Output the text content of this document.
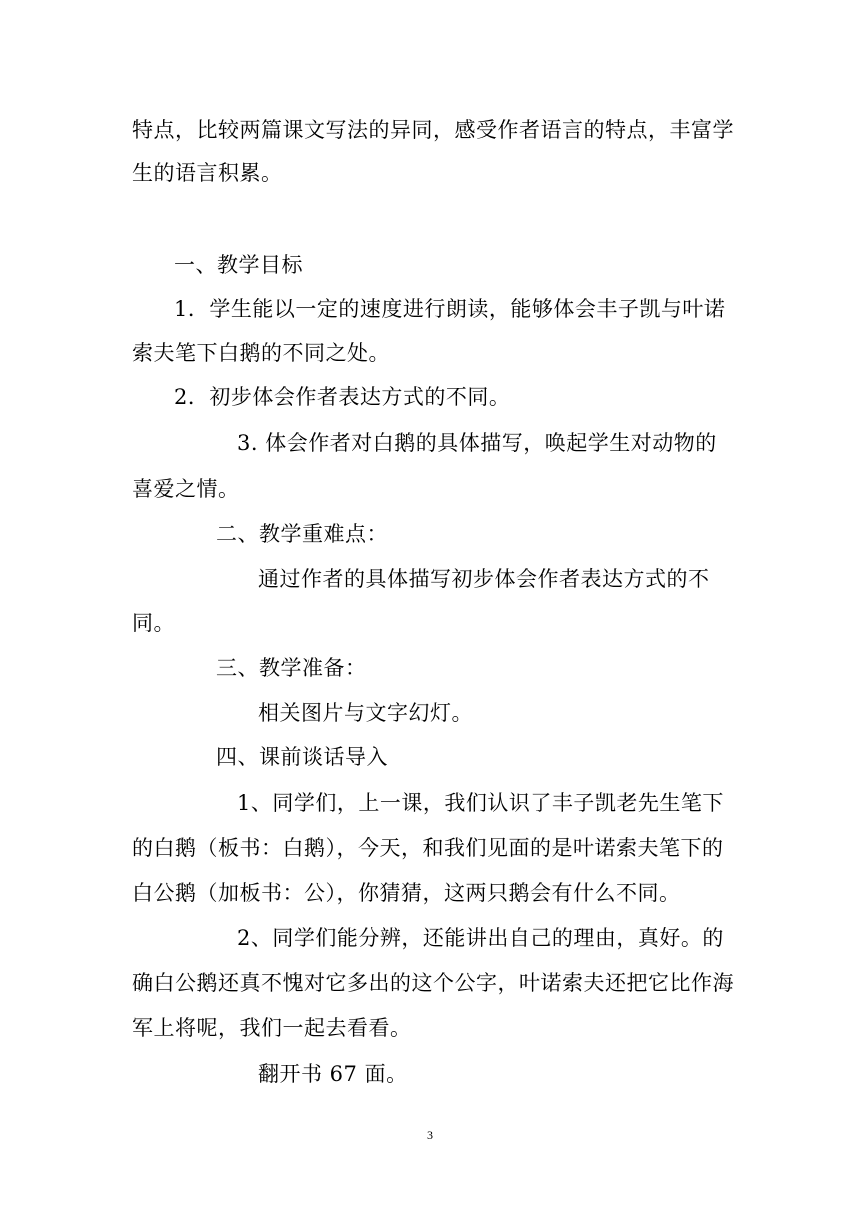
特点，比较两篇课文写法的异同，感受作者语言的特点，丰富学
生的语言积累。
一、教学目标
1．学生能以一定的速度进行朗读，能够体会丰子凯与叶诺
索夫笔下白鹅的不同之处。
2．初步体会作者表达方式的不同。
3. 体会作者对白鹅的具体描写，唤起学生对动物的
喜爱之情。
二、教学重难点：
通过作者的具体描写初步体会作者表达方式的不
同。
三、教学准备：
相关图片与文字幻灯。
四、课前谈话导入
1、同学们，上一课，我们认识了丰子凯老先生笔下
的白鹅（板书：白鹅），今天，和我们见面的是叶诺索夫笔下的
白公鹅（加板书：公），你猜猜，这两只鹅会有什么不同。
2、同学们能分辨，还能讲出自己的理由，真好。的
确白公鹅还真不愧对它多出的这个公字，叶诺索夫还把它比作海
军上将呢，我们一起去看看。
翻开书 67 面。
3
